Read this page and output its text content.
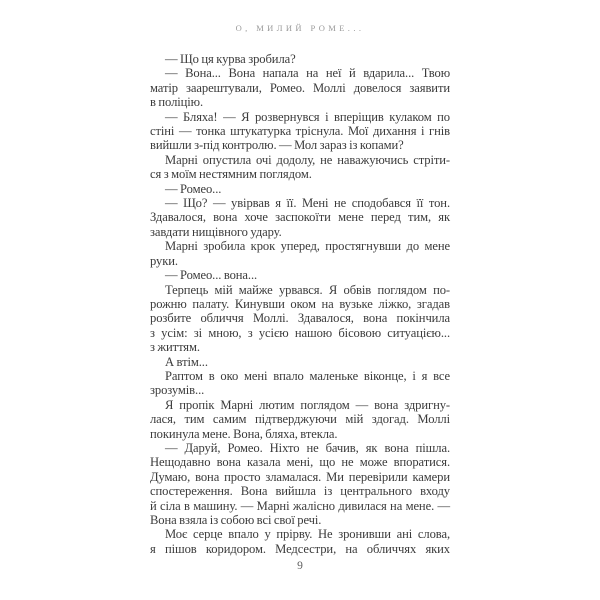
О, МИЛИЙ РОМЕ...

— Що ця курва зробила?

— Вона... Вона напала на неї й вдарила... Твою
матір заарештували, Ромео. Моллі довелося заявити
в поліцію.

— Бляха! — Я розвернувся і вперіщив кулаком по
стіні — тонка штукатурка тріснула. Мої дихання і гнів
вийшли з-під контролю. — Мол зараз із копами?

Марні опустила очі додолу, не наважуючись стріти-
ся з моїм нестямним поглядом.

— Ромео...

— Що? — увірвав я її. Мені не сподобався її тон.
Здавалося, вона хоче заспокоїти мене перед тим, як
завдати нищівного удару.

Марні зробила крок уперед, простягнувши до мене
руки.

— Ромео... вона...

Терпець мій майже урвався. Я обвів поглядом по-
рожню палату. Кинувши оком на вузьке ліжко, згадав
розбите обличчя Моллі. Здавалося, вона покінчила
з усім: зі мною, з усією нашою бісовою ситуацією...
з життям.

А втім...

Раптом в око мені впало маленьке віконце, і я все
зрозумів...

Я пропік Марні лютим поглядом — вона здригну-
лася, тим самим підтверджуючи мій здогад. Моллі
покинула мене. Вона, бляха, втекла.

— Даруй, Ромео. Ніхто не бачив, як вона пішла.
Нещодавно вона казала мені, що не може впоратися.
Думаю, вона просто зламалася. Ми перевірили камери
спостереження. Вона вийшла із центрального входу
й сіла в машину. — Марні жалісно дивилася на мене. —
Вона взяла із собою всі свої речі.

Моє серце впало у прірву. Не зронивши ані слова,
я пішов коридором. Медсестри, на обличчях яких

9
